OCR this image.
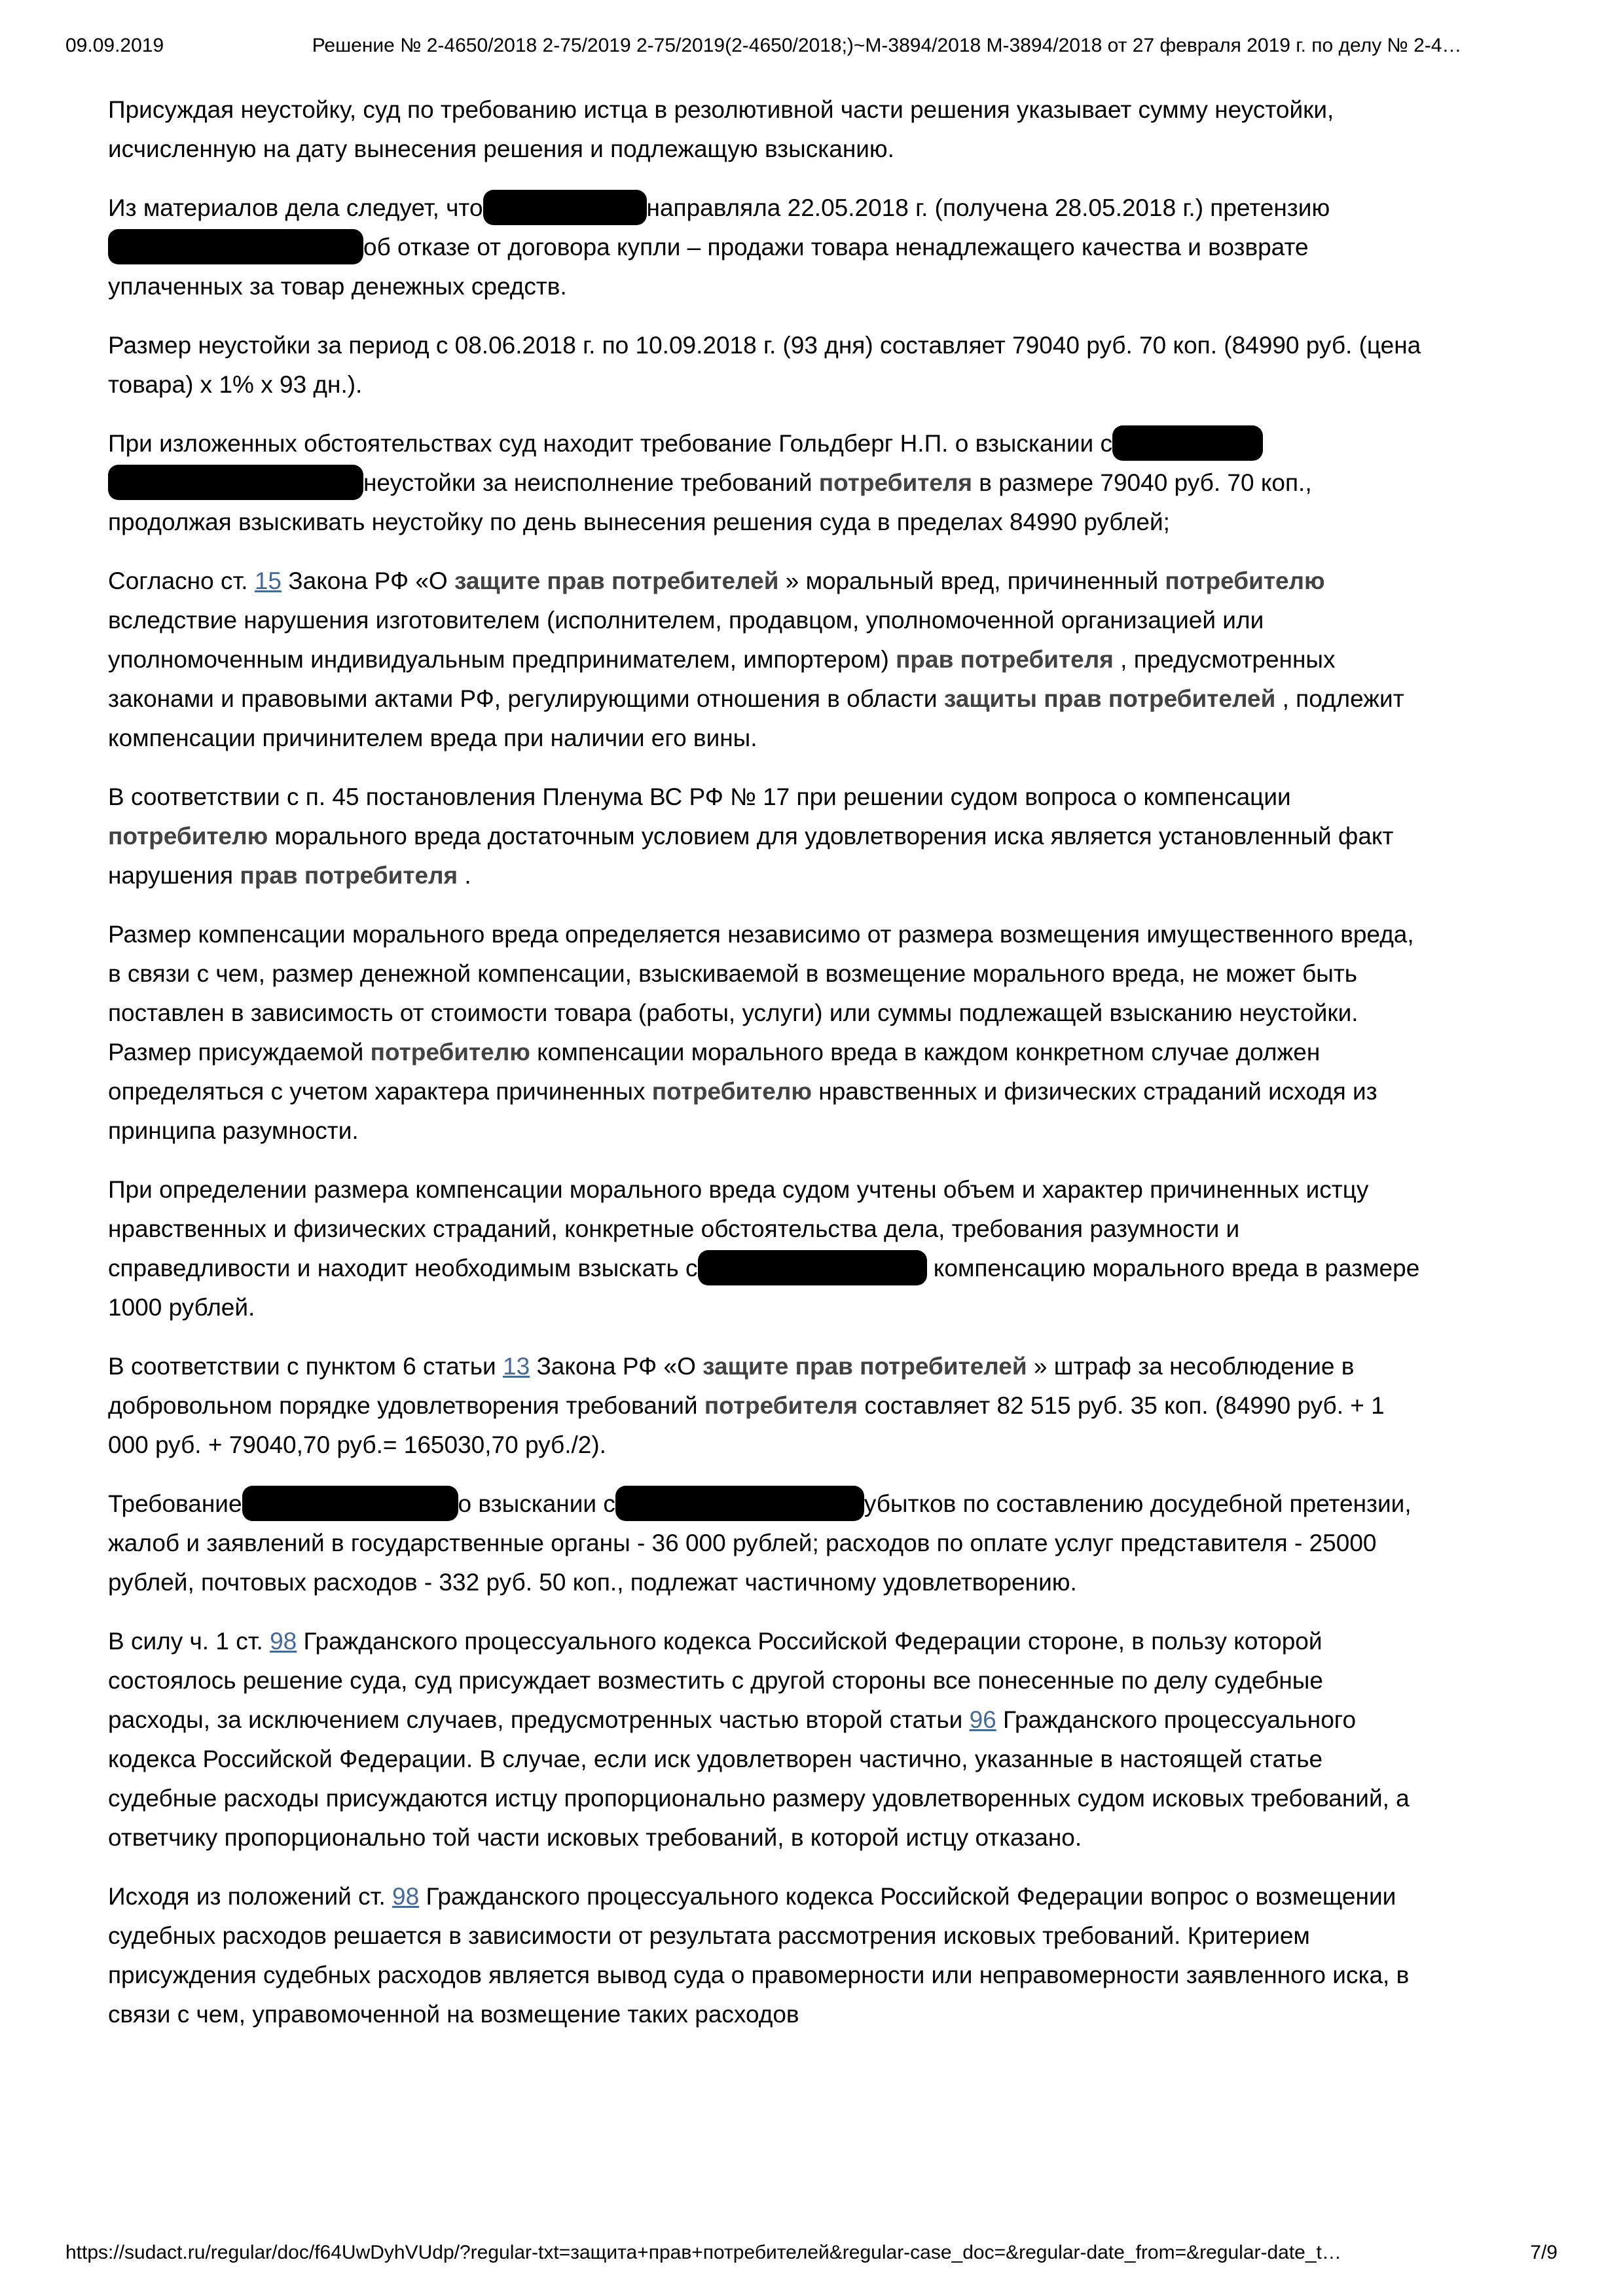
09.09.2019	Решение № 2-4650/2018 2-75/2019 2-75/2019(2-4650/2018;)~М-3894/2018 М-3894/2018 от 27 февраля 2019 г. по делу № 2-4…

Присуждая неустойку, суд по требованию истца в резолютивной части решения указывает сумму неустойки, исчисленную на дату вынесения решения и подлежащую взысканию.

Из материалов дела следует, что	направляла 22.05.2018 г. (получена 28.05.2018 г.) претензиюоб отказе от договора купли – продажи товара ненадлежащего качества и возврате уплаченных за товар денежных средств.

Размер неустойки за период с 08.06.2018 г. по 10.09.2018 г. (93 дня) составляет 79040 руб. 70 коп. (84990 руб. (цена товара) х 1% х 93 дн.).

При изложенных обстоятельствах суд находит требование Гольдберг Н.П. о взыскании с неустойки за неисполнение требований потребителя в размере 79040 руб. 70 коп., продолжая взыскивать неустойку по день вынесения решения суда в пределах 84990 рублей;

Согласно ст. 15 Закона РФ «О защите прав потребителей » моральный вред, причиненный потребителю вследствие нарушения изготовителем (исполнителем, продавцом, уполномоченной организацией или уполномоченным индивидуальным предпринимателем, импортером) прав потребителя , предусмотренных законами и правовыми актами РФ, регулирующими отношения в области защиты прав потребителей , подлежит компенсации причинителем вреда при наличии его вины.

В соответствии с п. 45 постановления Пленума ВС РФ № 17 при решении судом вопроса о компенсации потребителю морального вреда достаточным условием для удовлетворения иска является установленный факт нарушения прав потребителя .

Размер компенсации морального вреда определяется независимо от размера возмещения имущественного вреда, в связи с чем, размер денежной компенсации, взыскиваемой в возмещение морального вреда, не может быть поставлен в зависимость от стоимости товара (работы, услуги) или суммы подлежащей взысканию неустойки. Размер присуждаемой потребителю компенсации морального вреда в каждом конкретном случае должен определяться с учетом характера причиненных потребителю нравственных и физических страданий исходя из принципа разумности.

При определении размера компенсации морального вреда судом учтены объем и характер причиненных истцу нравственных и физических страданий, конкретные обстоятельства дела, требования разумности и справедливости и находит необходимым взыскать с	компенсацию морального вреда в размере 1000 рублей.

В соответствии с пунктом 6 статьи 13 Закона РФ «О защите прав потребителей » штраф за несоблюдение в добровольном порядке удовлетворения требований потребителя составляет 82 515 руб. 35 коп. (84990 руб. + 1 000 руб. + 79040,70 руб.= 165030,70 руб./2).

Требование	о взыскании с	убытков по составлению досудебной претензии, жалоб и заявлений в государственные органы - 36 000 рублей; расходов по оплате услуг представителя - 25000 рублей, почтовых расходов - 332 руб. 50 коп., подлежат частичному удовлетворению.

В силу ч. 1 ст. 98 Гражданского процессуального кодекса Российской Федерации стороне, в пользу которой состоялось решение суда, суд присуждает возместить с другой стороны все понесенные по делу судебные расходы, за исключением случаев, предусмотренных частью второй статьи 96 Гражданского процессуального кодекса Российской Федерации. В случае, если иск удовлетворен частично, указанные в настоящей статье судебные расходы присуждаются истцу пропорционально размеру удовлетворенных судом исковых требований, а ответчику пропорционально той части исковых требований, в которой истцу отказано.

Исходя из положений ст. 98 Гражданского процессуального кодекса Российской Федерации вопрос о возмещении судебных расходов решается в зависимости от результата рассмотрения исковых требований. Критерием присуждения судебных расходов является вывод суда о правомерности или неправомерности заявленного иска, в связи с чем, управомоченной на возмещение таких расходов

https://sudact.ru/regular/doc/f64UwDyhVUdp/?regular-txt=защита+прав+потребителей&regular-case_doc=&regular-date_from=&regular-date_t…	7/9
